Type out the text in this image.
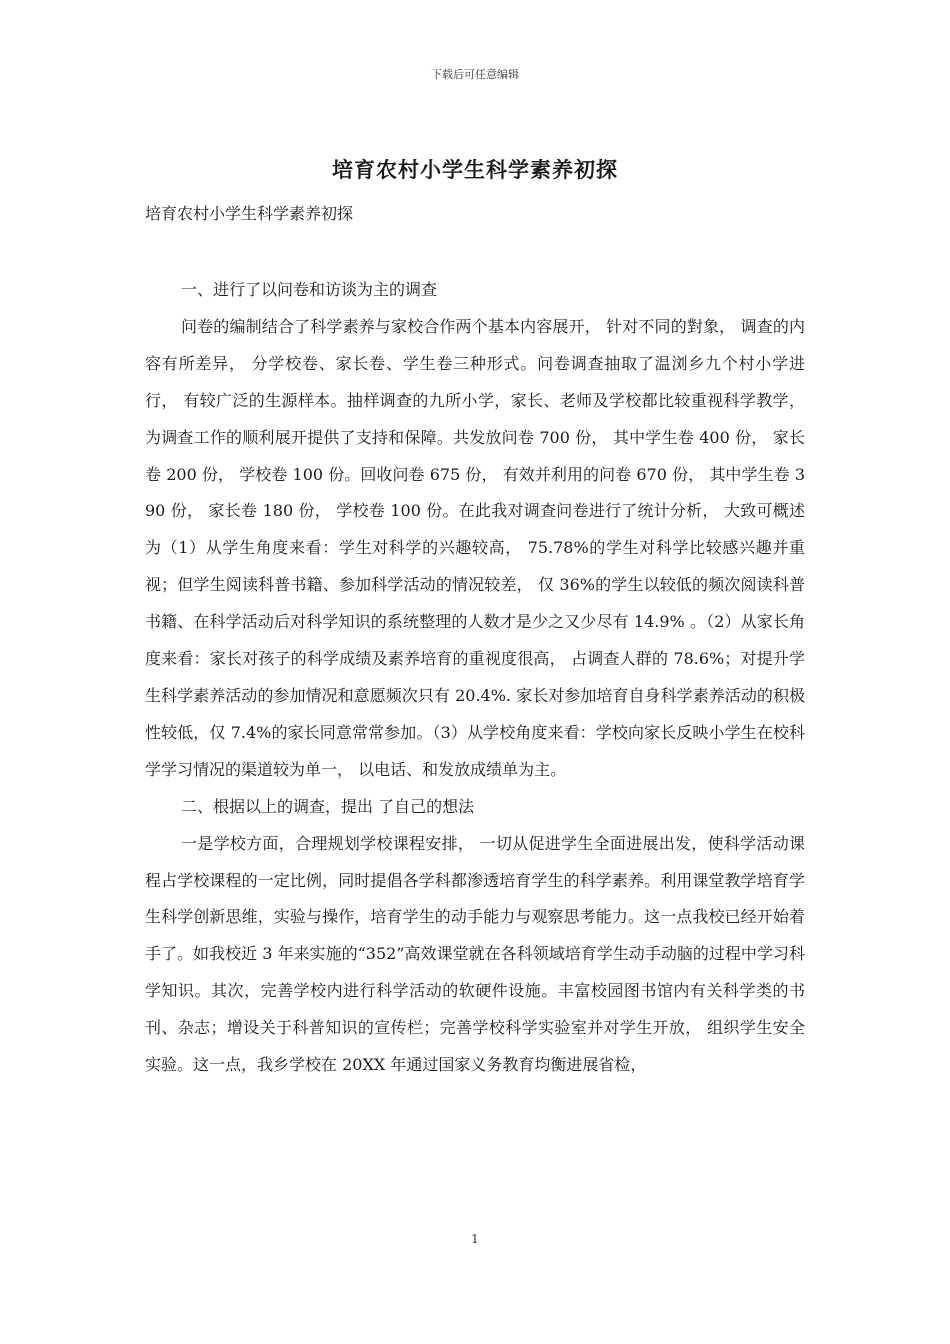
下载后可任意编辑
培育农村小学生科学素养初探
培育农村小学生科学素养初探

一、进行了以问卷和访谈为主的调查

问卷的编制结合了科学素养与家校合作两个基本内容展开， 针对不同的對象， 调查的内容有所差异， 分学校卷、家长卷、学生卷三种形式。问卷调查抽取了温浏乡九个村小学进行， 有较广泛的生源样本。抽样调查的九所小学，家长、老师及学校都比较重视科学教学， 为调查工作的顺利展开提供了支持和保障。共发放问卷 700 份， 其中学生卷 400 份， 家长卷 200 份， 学校卷 100 份。回收问卷 675 份， 有效并利用的问卷 670 份， 其中学生卷 390 份， 家长卷 180 份， 学校卷 100 份。在此我对调查问卷进行了统计分析， 大致可概述为（1）从学生角度来看：学生对科学的兴趣较高， 75.78%的学生对科学比较感兴趣并重视；但学生阅读科普书籍、参加科学活动的情况较差， 仅 36%的学生以较低的频次阅读科普书籍、在科学活动后对科学知识的系统整理的人数才是少之又少尽有 14.9% 。（2）从家长角度来看：家长对孩子的科学成绩及素养培育的重视度很高， 占调查人群的 78.6%；对提升学生科学素养活动的参加情况和意愿频次只有 20.4%. 家长对参加培育自身科学素养活动的积极性较低，仅 7.4%的家长同意常常参加。（3）从学校角度来看：学校向家长反映小学生在校科学学习情况的渠道较为单一， 以电话、和发放成绩单为主。

二、根据以上的调查，提出 了自己的想法

一是学校方面，合理规划学校课程安排， 一切从促进学生全面进展出发，使科学活动课程占学校课程的一定比例，同时提倡各学科都渗透培育学生的科学素养。利用课堂教学培育学生科学创新思维，实验与操作，培育学生的动手能力与观察思考能力。这一点我校已经开始着手了。如我校近 3 年来实施的“352”高效课堂就在各科领域培育学生动手动脑的过程中学习科学知识。其次，完善学校内进行科学活动的软硬件设施。丰富校园图书馆内有关科学类的书刊、杂志；增设关于科普知识的宣传栏；完善学校科学实验室并对学生开放， 组织学生安全实验。这一点，我乡学校在 20XX 年通过国家义务教育均衡进展省检，

1
